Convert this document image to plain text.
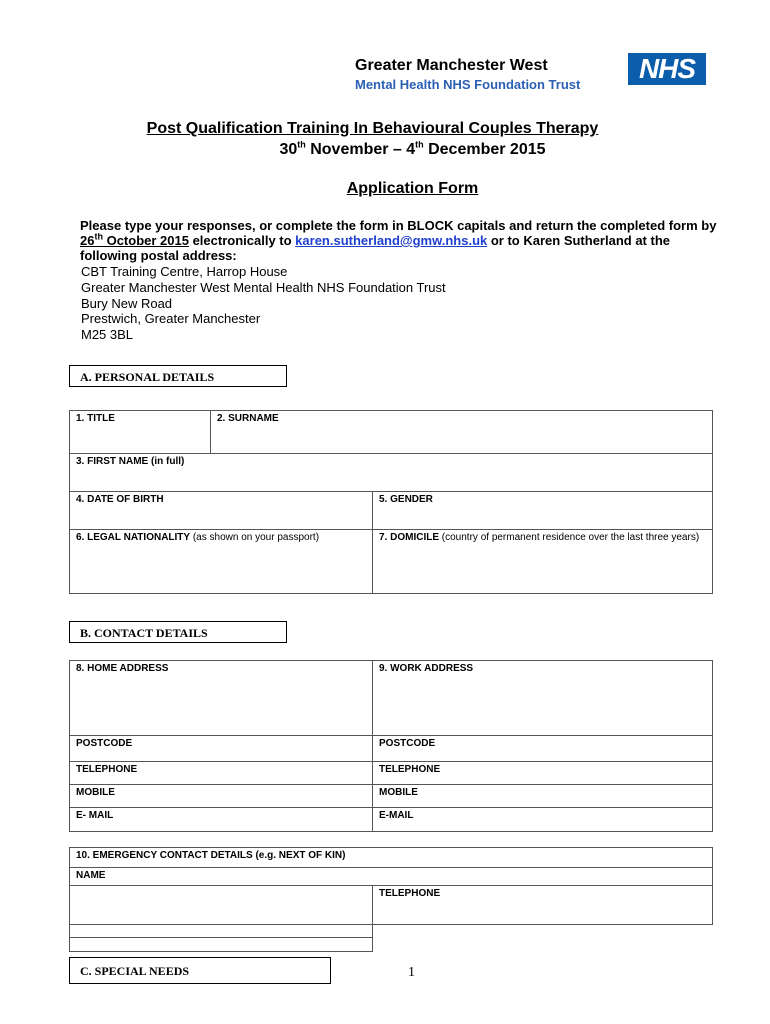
Greater Manchester West
Mental Health NHS Foundation Trust
NHS
Post Qualification Training In Behavioural Couples Therapy
30th November – 4th December 2015
Application Form
Please type your responses, or complete the form in BLOCK capitals and return the completed form by 26th October 2015 electronically to karen.sutherland@gmw.nhs.uk or to Karen Sutherland at the following postal address:
CBT Training Centre, Harrop House
Greater Manchester West Mental Health NHS Foundation Trust
Bury New Road
Prestwich, Greater Manchester
M25 3BL
A. PERSONAL DETAILS
1. TITLE	2. SURNAME	
3. FIRST NAME (in full)		
4. DATE OF BIRTH		5. GENDER
6. LEGAL NATIONALITY (as shown on your passport)		7. DOMICILE (country of permanent residence over the last three years)
B. CONTACT DETAILS
8. HOME ADDRESS	9. WORK ADDRESS
POSTCODE	POSTCODE
TELEPHONE	TELEPHONE
MOBILE	MOBILE
E- MAIL	E-MAIL
10. EMERGENCY CONTACT DETAILS (e.g. NEXT OF KIN)
NAME
	TELEPHONE

C. SPECIAL NEEDS	1
